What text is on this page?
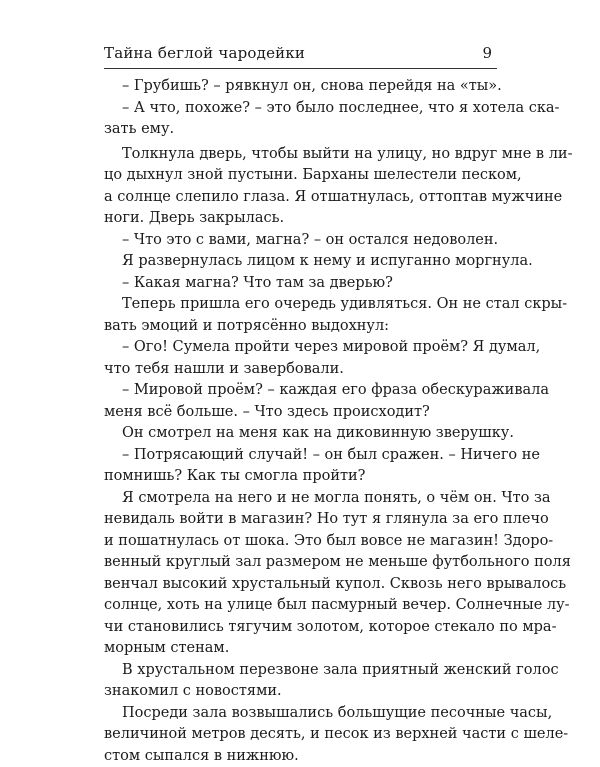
Тайна беглой чародейки	9
– Грубишь? – рявкнул он, снова перейдя на «ты».
– А что, похоже? – это было последнее, что я хотела ска-
зать ему.
Толкнула дверь, чтобы выйти на улицу, но вдруг мне в ли-
цо дыхнул зной пустыни. Барханы шелестели песком,
а солнце слепило глаза. Я отшатнулась, оттоптав мужчине
ноги. Дверь закрылась.
– Что это с вами, магна? – он остался недоволен.
Я развернулась лицом к нему и испуганно моргнула.
– Какая магна? Что там за дверью?
Теперь пришла его очередь удивляться. Он не стал скры-
вать эмоций и потрясённо выдохнул:
– Ого! Сумела пройти через мировой проём? Я думал,
что тебя нашли и завербовали.
– Мировой проём? – каждая его фраза обескураживала
меня всё больше. – Что здесь происходит?
Он смотрел на меня как на диковинную зверушку.
– Потрясающий случай! – он был сражен. – Ничего не
помнишь? Как ты смогла пройти?
Я смотрела на него и не могла понять, о чём он. Что за
невидаль войти в магазин? Но тут я глянула за его плечо
и пошатнулась от шока. Это был вовсе не магазин! Здоро-
венный круглый зал размером не меньше футбольного поля
венчал высокий хрустальный купол. Сквозь него врывалось
солнце, хоть на улице был пасмурный вечер. Солнечные лу-
чи становились тягучим золотом, которое стекало по мра-
морным стенам.
В хрустальном перезвоне зала приятный женский голос
знакомил с новостями.
Посреди зала возвышались большущие песочные часы,
величиной метров десять, и песок из верхней части с шеле-
стом сыпался в нижнюю.
